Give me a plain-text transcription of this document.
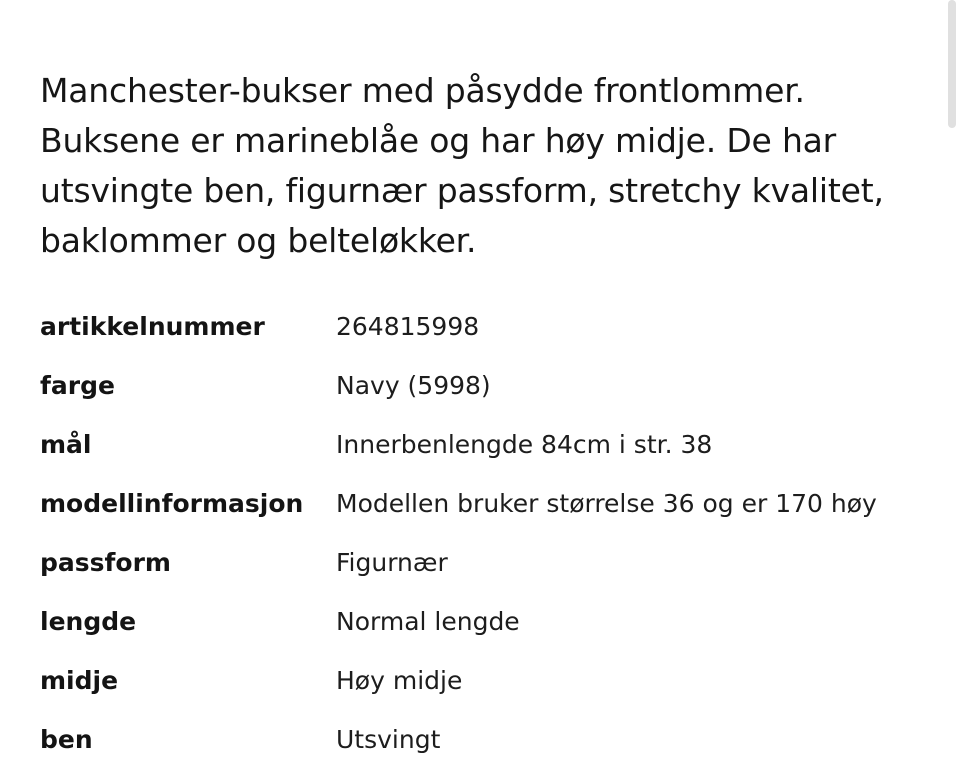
Manchester-bukser med påsydde frontlommer. Buksene er marineblåe og har høy midje. De har utsvingte ben, figurnær passform, stretchy kvalitet, baklommer og belteløkker.

artikkelnummer	264815998
farge	Navy (5998)
mål	Innerbenlengde 84cm i str. 38
modellinformasjon	Modellen bruker størrelse 36 og er 170 høy
passform	Figurnær
lengde	Normal lengde
midje	Høy midje
ben	Utsvingt
